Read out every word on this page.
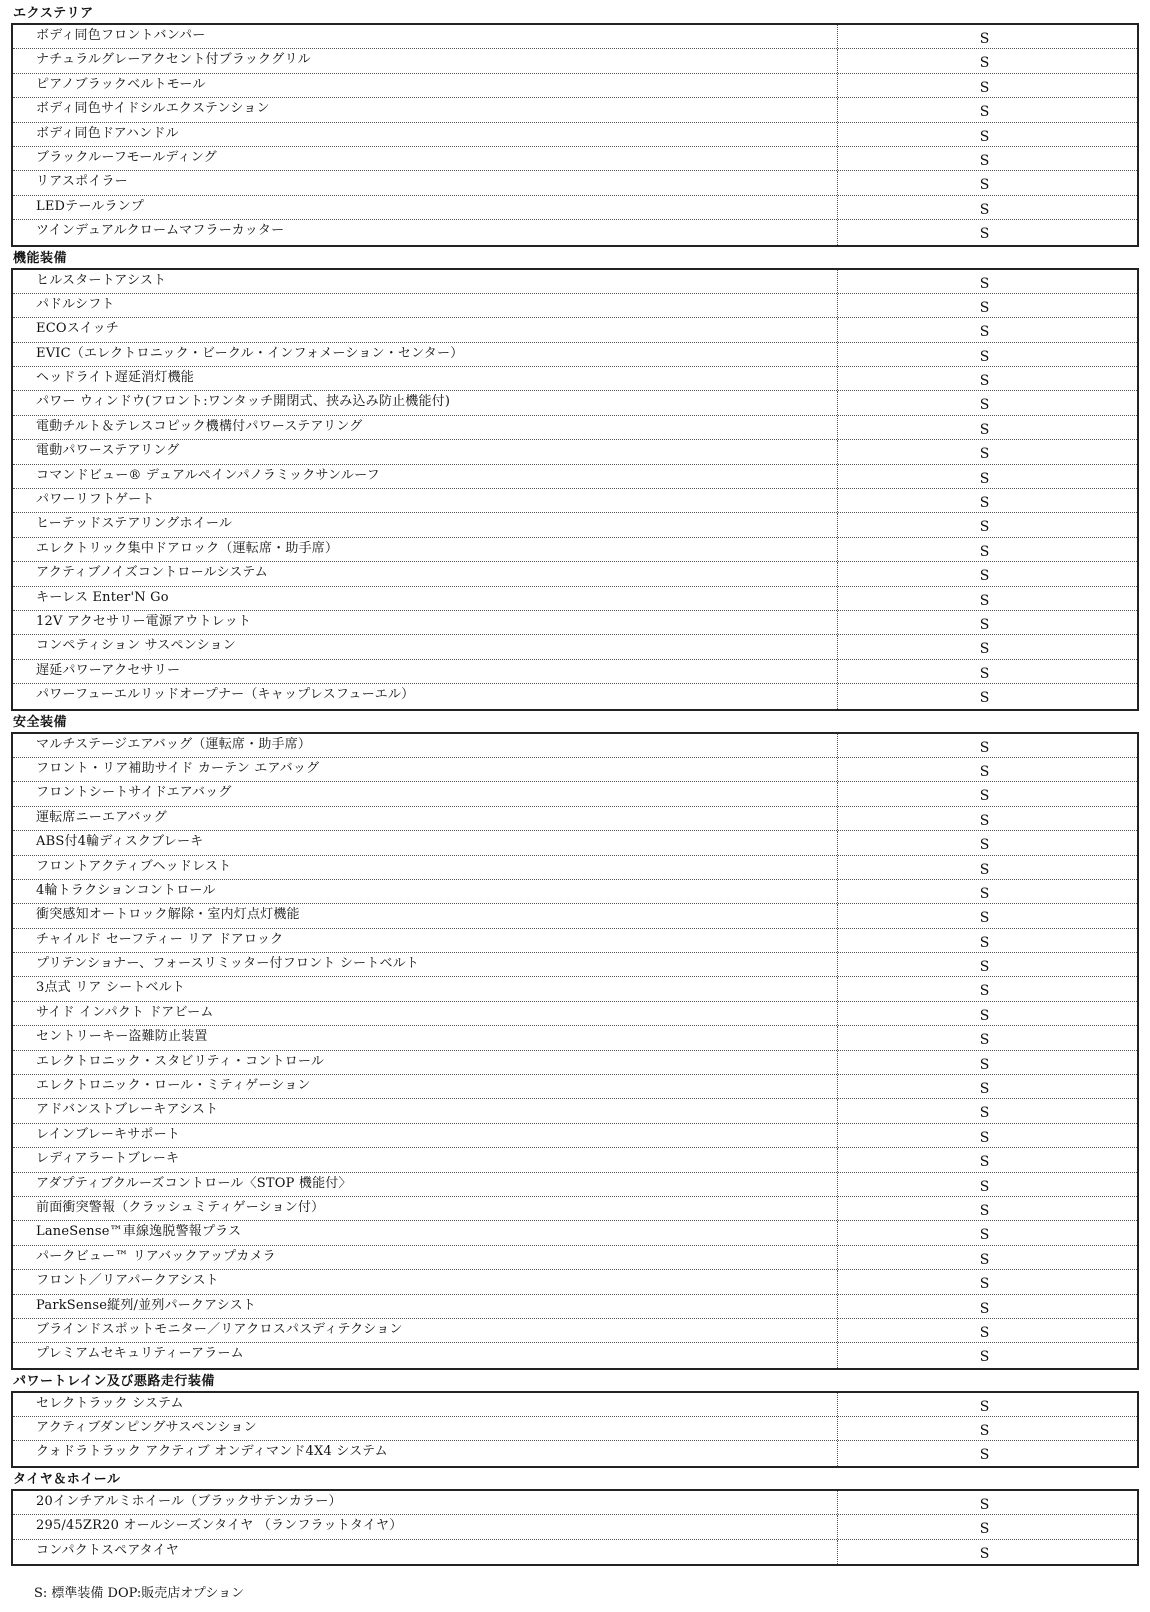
エクステリア
ボディ同色フロントバンパー	S
ナチュラルグレーアクセント付ブラックグリル	S
ピアノブラックベルトモール	S
ボディ同色サイドシルエクステンション	S
ボディ同色ドアハンドル	S
ブラックルーフモールディング	S
リアスポイラー	S
LEDテールランプ	S
ツインデュアルクロームマフラーカッター	S
機能装備
ヒルスタートアシスト	S
パドルシフト	S
ECOスイッチ	S
EVIC（エレクトロニック・ビークル・インフォメーション・センター）	S
ヘッドライト遅延消灯機能	S
パワー ウィンドウ(フロント:ワンタッチ開閉式、挟み込み防止機能付)	S
電動チルト＆テレスコピック機構付パワーステアリング	S
電動パワーステアリング	S
コマンドビュー® デュアルペインパノラミックサンルーフ	S
パワーリフトゲート	S
ヒーテッドステアリングホイール	S
エレクトリック集中ドアロック（運転席・助手席）	S
アクティブノイズコントロールシステム	S
キーレス Enter'N Go	S
12V アクセサリー電源アウトレット	S
コンペティション サスペンション	S
遅延パワーアクセサリー	S
パワーフューエルリッドオープナー（キャップレスフューエル）	S
安全装備
マルチステージエアバッグ（運転席・助手席）	S
フロント・リア補助サイド カーテン エアバッグ	S
フロントシートサイドエアバッグ	S
運転席ニーエアバッグ	S
ABS付4輪ディスクブレーキ	S
フロントアクティブヘッドレスト	S
4輪トラクションコントロール	S
衝突感知オートロック解除・室内灯点灯機能	S
チャイルド セーフティー リア ドアロック	S
プリテンショナー、フォースリミッター付フロント シートベルト	S
3点式 リア シートベルト	S
サイド インパクト ドアビーム	S
セントリーキー盗難防止装置	S
エレクトロニック・スタビリティ・コントロール	S
エレクトロニック・ロール・ミティゲーション	S
アドバンストブレーキアシスト	S
レインブレーキサポート	S
レディアラートブレーキ	S
アダプティブクルーズコントロール〈STOP 機能付〉	S
前面衝突警報（クラッシュミティゲーション付）	S
LaneSense™車線逸脱警報プラス	S
パークビュー™ リアバックアップカメラ	S
フロント／リアパークアシスト	S
ParkSense縦列/並列パークアシスト	S
ブラインドスポットモニター／リアクロスパスディテクション	S
プレミアムセキュリティーアラーム	S
パワートレイン及び悪路走行装備
セレクトラック システム	S
アクティブダンピングサスペンション	S
クォドラトラック アクティブ オンディマンド4X4 システム	S
タイヤ＆ホイール
20インチアルミホイール（ブラックサテンカラー）	S
295/45ZR20 オールシーズンタイヤ （ランフラットタイヤ）	S
コンパクトスペアタイヤ	S
S: 標準装備 DOP:販売店オプション
